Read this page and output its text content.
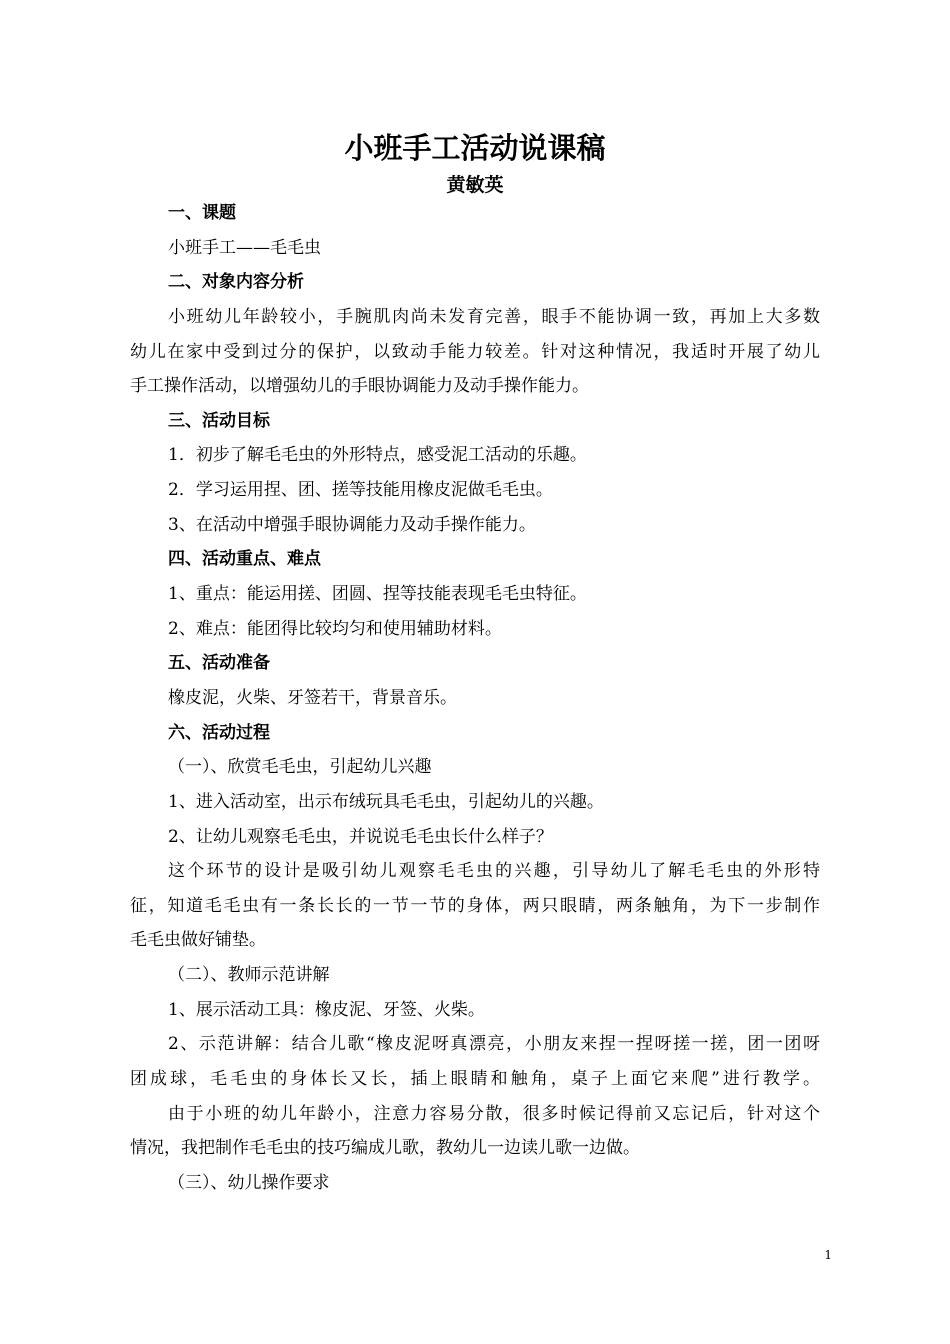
小班手工活动说课稿
黄敏英
一、课题
小班手工——毛毛虫
二、对象内容分析
小班幼儿年龄较小，手腕肌肉尚未发育完善，眼手不能协调一致，再加上大多数
幼儿在家中受到过分的保护，以致动手能力较差。针对这种情况，我适时开展了幼儿
手工操作活动，以增强幼儿的手眼协调能力及动手操作能力。
三、活动目标
1．初步了解毛毛虫的外形特点，感受泥工活动的乐趣。
2．学习运用捏、团、搓等技能用橡皮泥做毛毛虫。
3、在活动中增强手眼协调能力及动手操作能力。
四、活动重点、难点
1、重点：能运用搓、团圆、捏等技能表现毛毛虫特征。
2、难点：能团得比较均匀和使用辅助材料。
五、活动准备
橡皮泥，火柴、牙签若干，背景音乐。
六、活动过程
（一）、欣赏毛毛虫，引起幼儿兴趣
1、进入活动室，出示布绒玩具毛毛虫，引起幼儿的兴趣。
2、让幼儿观察毛毛虫，并说说毛毛虫长什么样子？
这个环节的设计是吸引幼儿观察毛毛虫的兴趣，引导幼儿了解毛毛虫的外形特
征，知道毛毛虫有一条长长的一节一节的身体，两只眼睛，两条触角，为下一步制作
毛毛虫做好铺垫。
（二）、教师示范讲解
1、展示活动工具：橡皮泥、牙签、火柴。
2、示范讲解：结合儿歌“橡皮泥呀真漂亮，小朋友来捏一捏呀搓一搓，团一团呀
团成球，毛毛虫的身体长又长，插上眼睛和触角，桌子上面它来爬”进行教学。
由于小班的幼儿年龄小，注意力容易分散，很多时候记得前又忘记后，针对这个
情况，我把制作毛毛虫的技巧编成儿歌，教幼儿一边读儿歌一边做。
（三）、幼儿操作要求
1
